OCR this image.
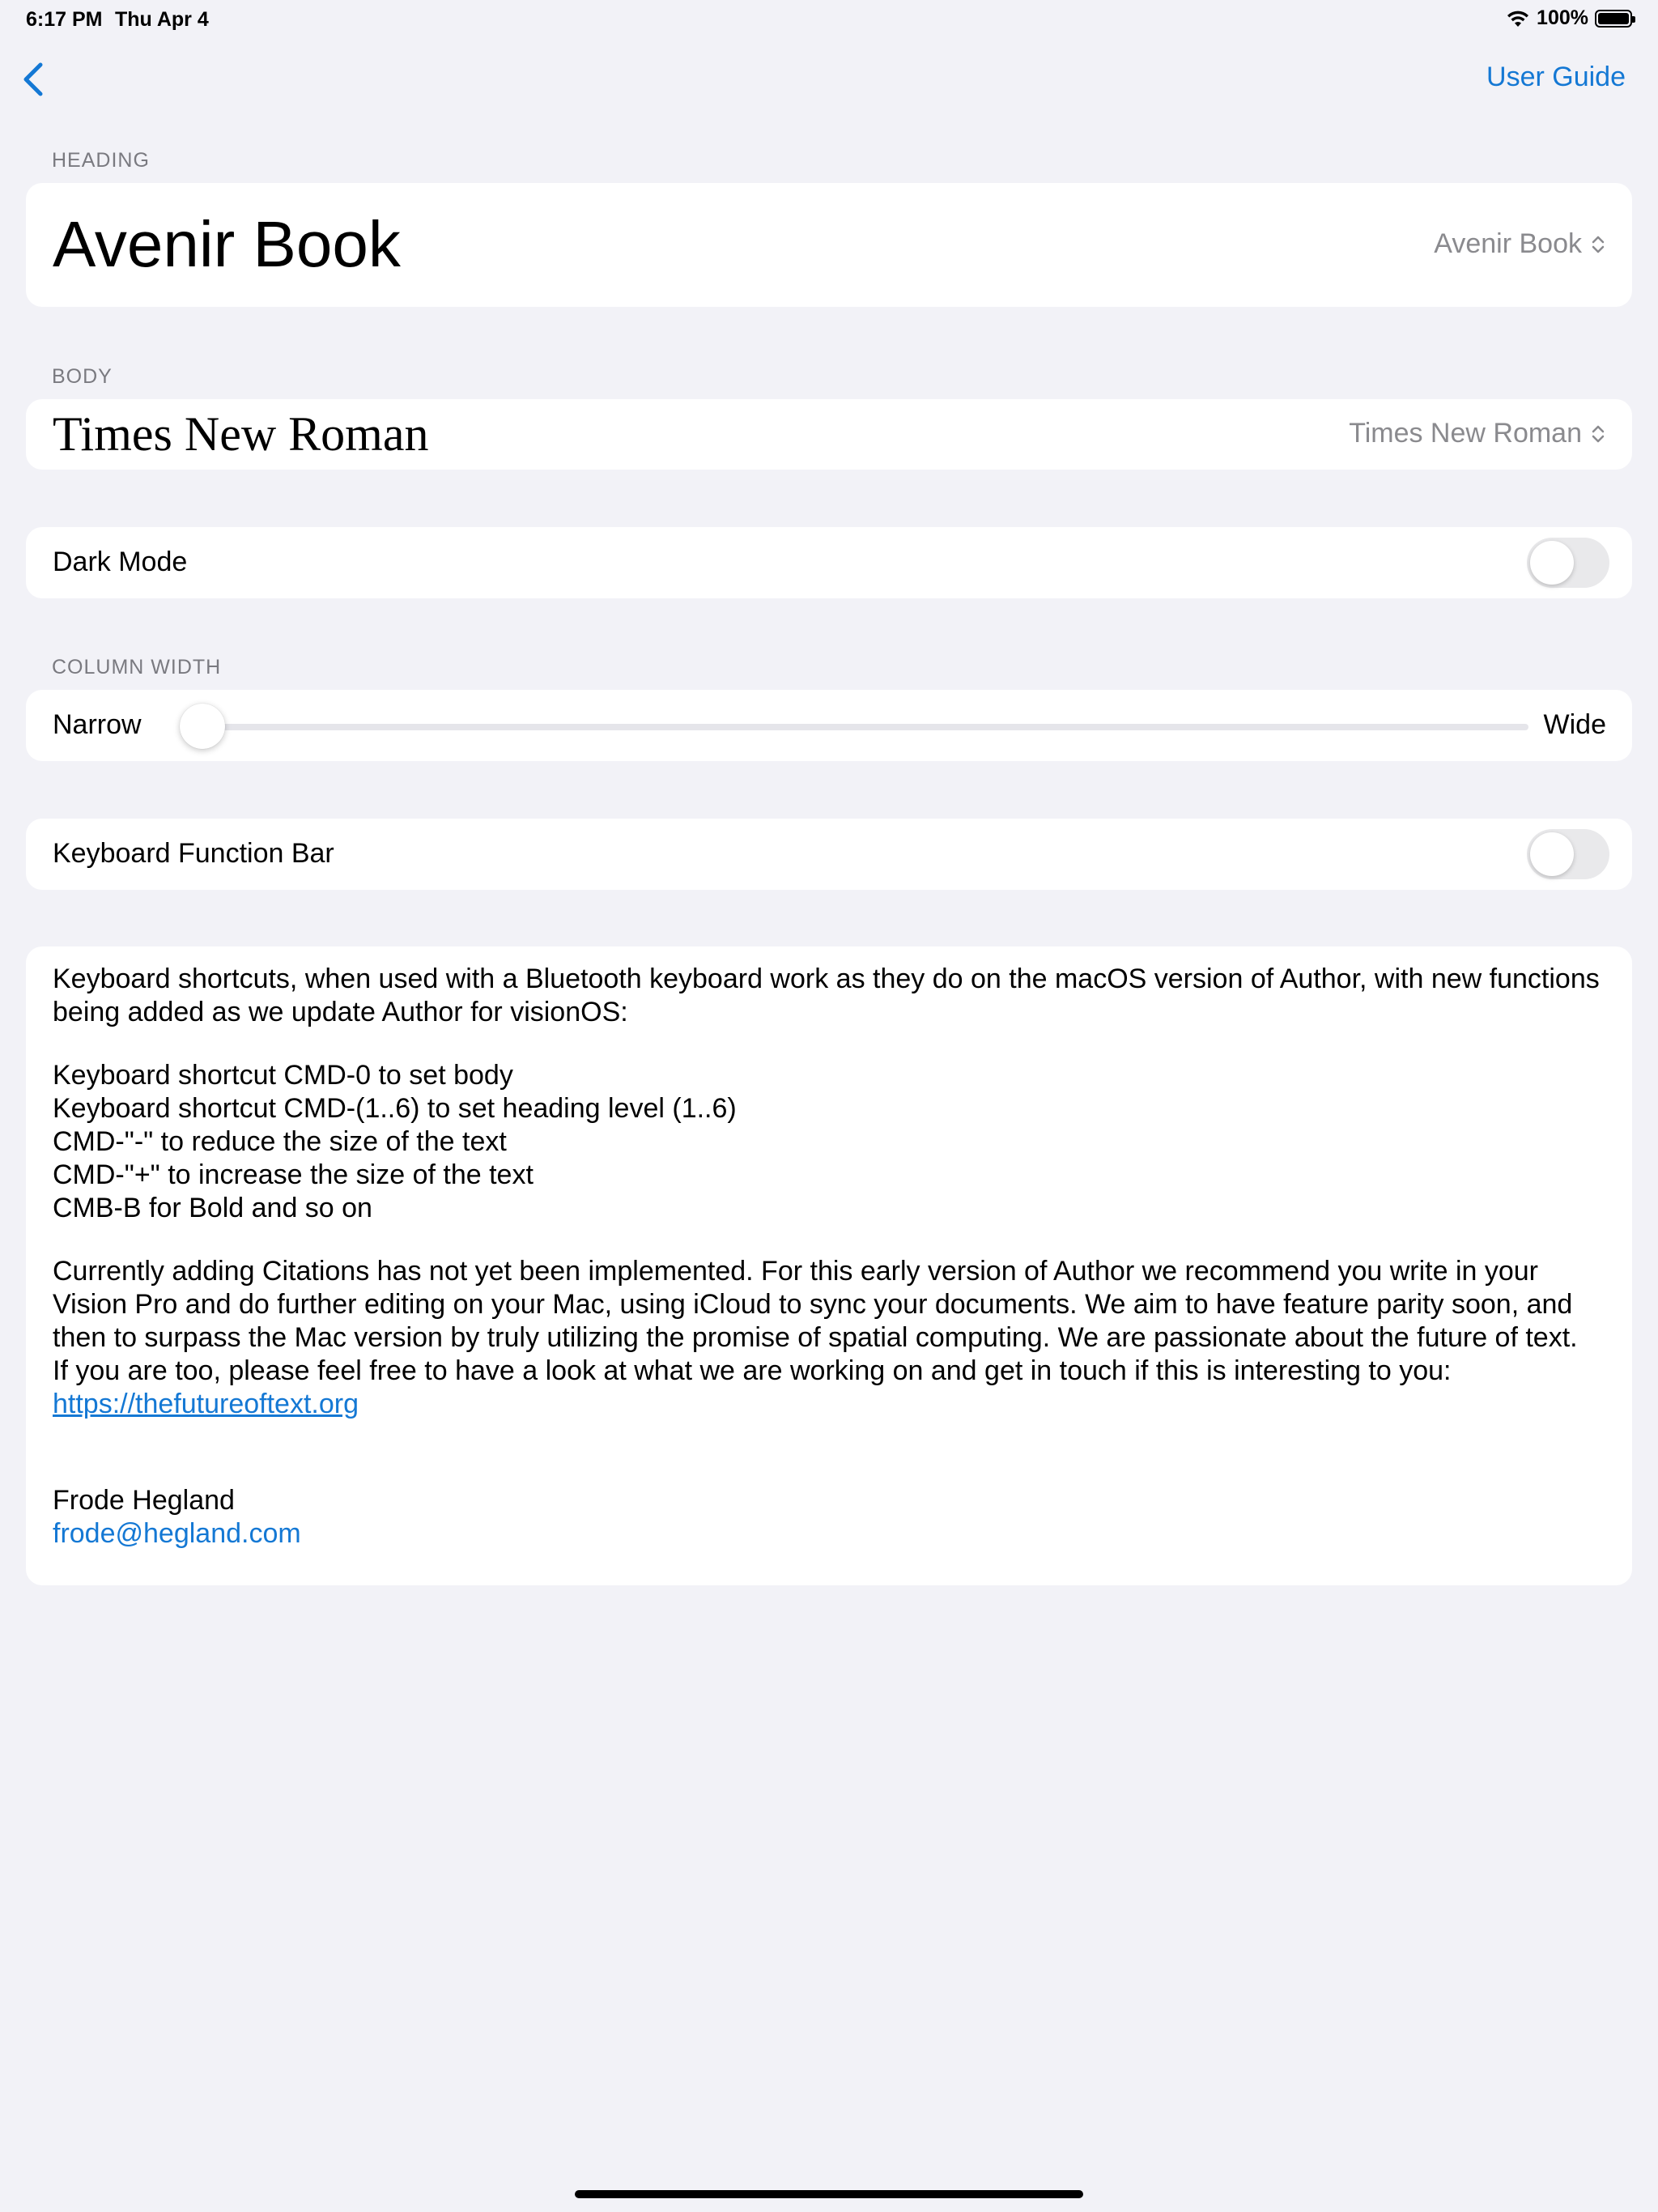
6:17 PM Thu Apr 4	100%
User Guide
HEADING
Avenir Book	Avenir Book
BODY
Times New Roman	Times New Roman
Dark Mode
COLUMN WIDTH
Narrow	Wide
Keyboard Function Bar

Keyboard shortcuts, when used with a Bluetooth keyboard work as they do on the macOS version of Author, with new functions being added as we update Author for visionOS:

Keyboard shortcut CMD-0 to set body

Keyboard shortcut CMD-(1..6) to set heading level (1..6)

CMD-"-" to reduce the size of the text

CMD-"+" to increase the size of the text

CMB-B for Bold and so on

Currently adding Citations has not yet been implemented. For this early version of Author we recommend you write in your Vision Pro and do further editing on your Mac, using iCloud to sync your documents. We aim to have feature parity soon, and then to surpass the Mac version by truly utilizing the promise of spatial computing. We are passionate about the future of text. If you are too, please feel free to have a look at what we are working on and get in touch if this is interesting to you:

https://thefutureoftext.org

Frode Hegland

frode@hegland.com
